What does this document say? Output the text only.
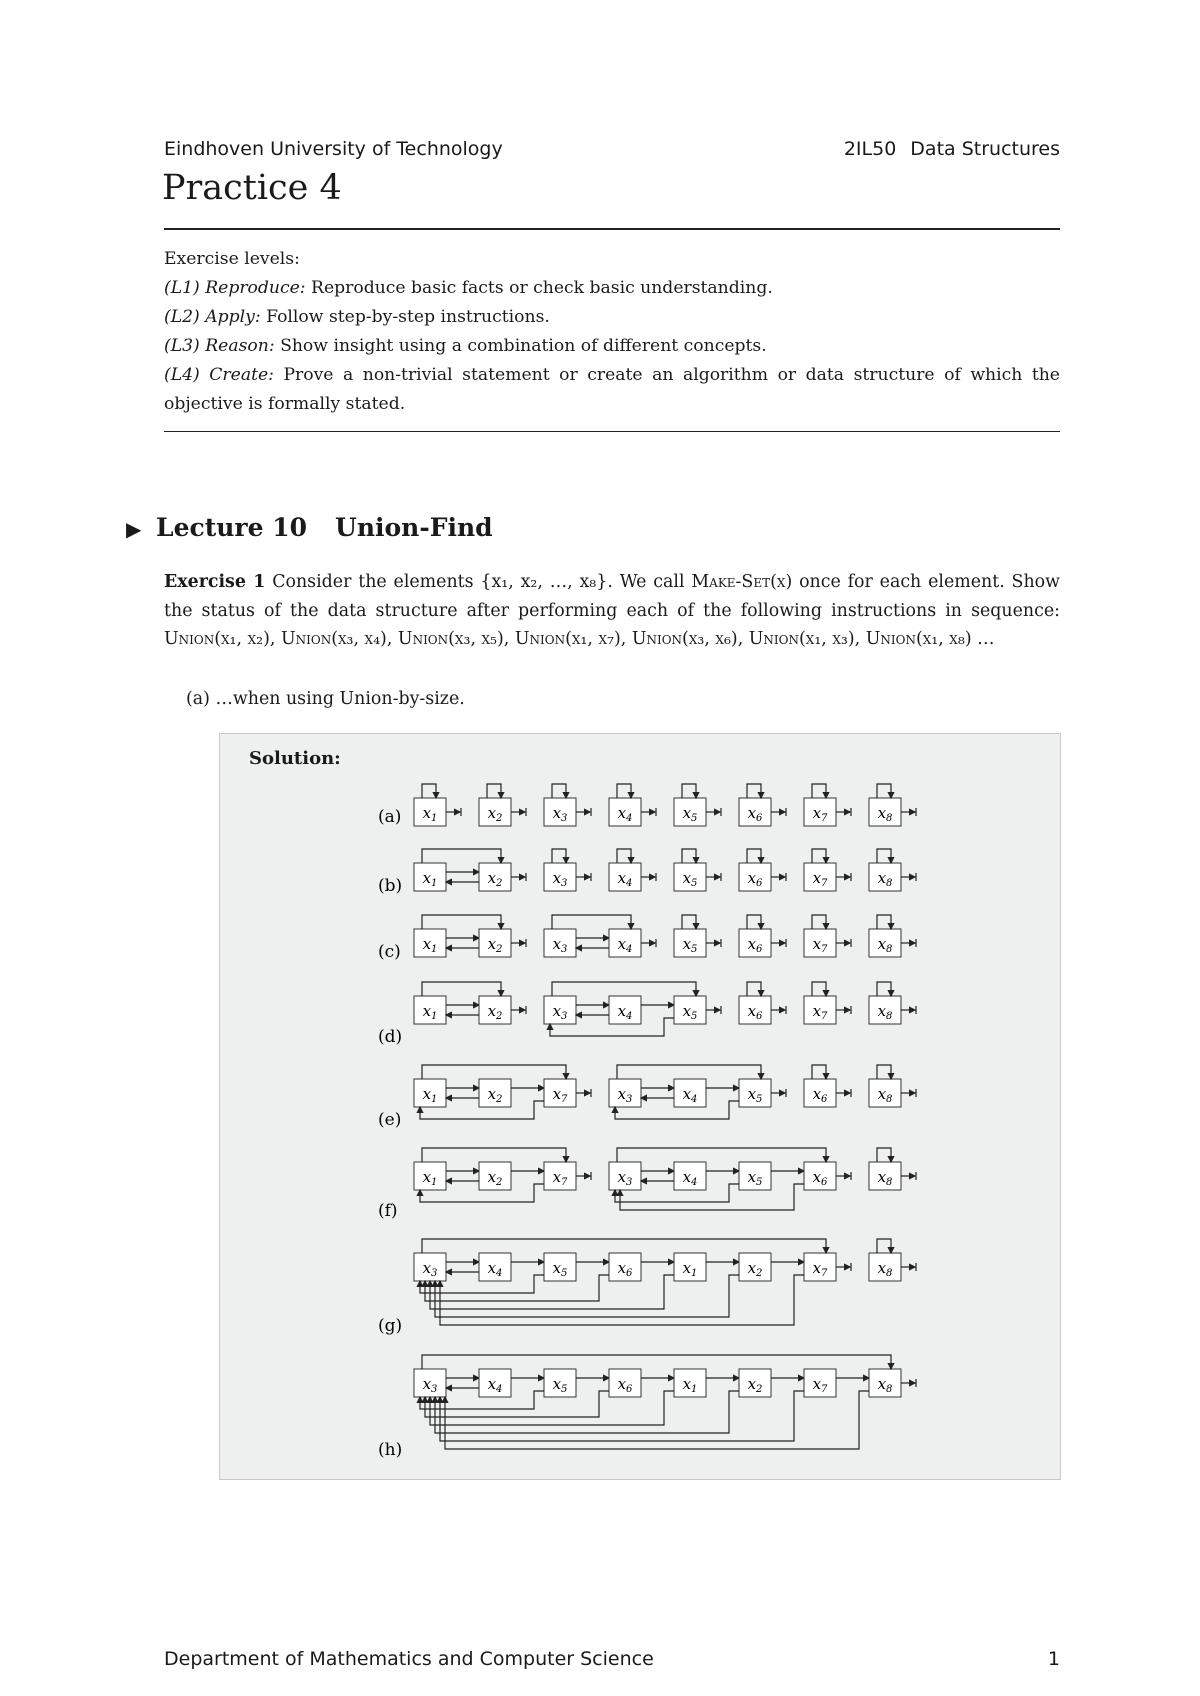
Eindhoven University of Technology	2IL50 Data Structures
Practice 4
Exercise levels:
(L1) Reproduce: Reproduce basic facts or check basic understanding.
(L2) Apply: Follow step-by-step instructions.
(L3) Reason: Show insight using a combination of different concepts.
(L4) Create: Prove a non-trivial statement or create an algorithm or data structure of which the objective is formally stated.
▶ Lecture 10 Union-Find
Exercise 1 Consider the elements {x₁, x₂, …, x₈}. We call Make-Set(x) once for each element. Show the status of the data structure after performing each of the following instructions in sequence: Union(x₁, x₂), Union(x₃, x₄), Union(x₃, x₅), Union(x₁, x₇), Union(x₃, x₆), Union(x₁, x₃), Union(x₁, x₈) …
(a) …when using Union-by-size.
Solution:
(a) $x_1$	$x_2$	$x_3$	$x_4$	$x_5$	$x_6$	$x_7$	$x_8$
(b) $x_1$	$x_2$	$x_3$	$x_4$	$x_5$	$x_6$	$x_7$	$x_8$
(c) $x_1$	$x_2$	$x_3$	$x_4$	$x_5$	$x_6$	$x_7$	$x_8$
(d)
$x_1$	$x_2$	$x_3$	$x_4$	$x_5$	$x_6$	$x_7$	$x_8$
(e)
$x_1$	$x_2$	$x_7$	$x_3$	$x_4$	$x_5$	$x_6$	$x_8$
(f)
$x_1$	$x_2$	$x_7$	$x_3$	$x_4$	$x_5$	$x_6$	$x_8$
(g)
$x_3$	$x_4$	$x_5$	$x_6$	$x_1$	$x_2$	$x_7$	$x_8$
(h)
$x_3$	$x_4$	$x_5$	$x_6$	$x_1$	$x_2$	$x_7$	$x_8$
Department of Mathematics and Computer Science	1
